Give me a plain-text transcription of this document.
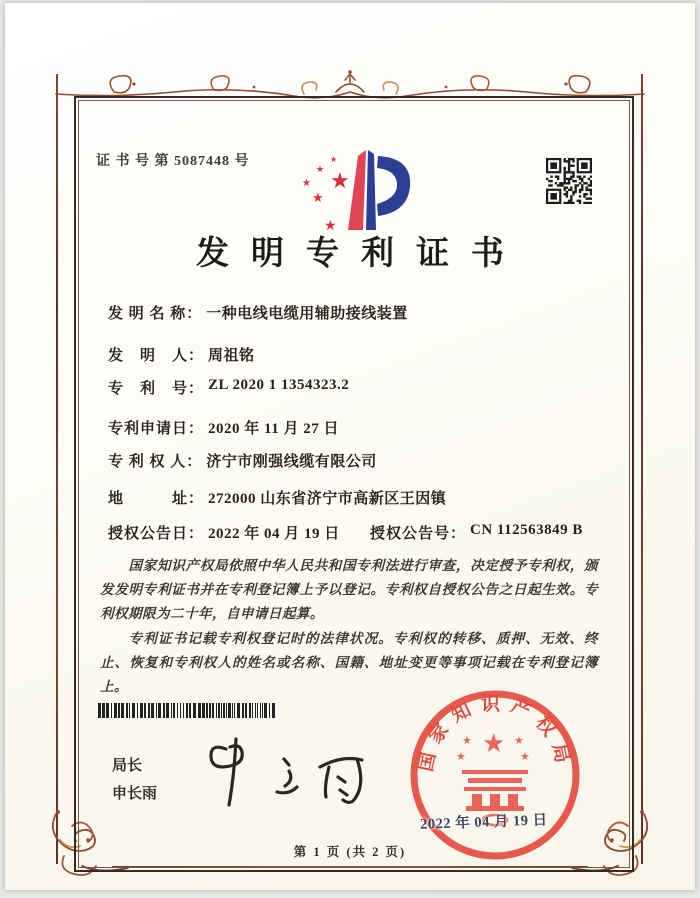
证 书 号 第 5087448 号
★
★
★
★
★
★
发明专利证书
发 明 名 称： 一种电线电缆用辅助接线装置
发　明　人： 周祖铭
专　利　号： ZL 2020 1 1354323.2
专利申请日： 2020 年 11 月 27 日
专 利 权 人： 济宁市刚强线缆有限公司
地　　　址： 272000 山东省济宁市高新区王因镇
授权公告日： 2022 年 04 月 19 日 授权公告号： CN 112563849 B

国家知识产权局依照中华人民共和国专利法进行审查，决定授予专利权，颁发发明专利证书并在专利登记簿上予以登记。专利权自授权公告之日起生效。专利权期限为二十年，自申请日起算。

专利证书记载专利权登记时的法律状况。专利权的转移、质押、无效、终止、恢复和专利权人的姓名或名称、国籍、地址变更等事项记载在专利登记簿上。

局长
申长雨
国家知识产权局
★
★	★
★	★
2022 年 04 月 19 日
第 1 页 (共 2 页)
